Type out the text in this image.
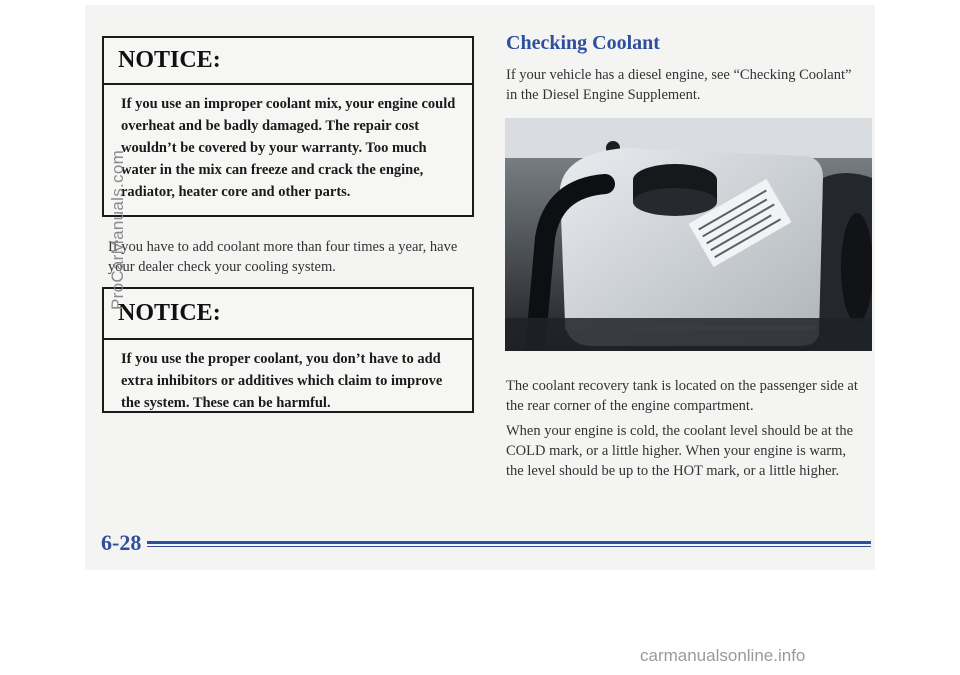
NOTICE:
If you use an improper coolant mix, your engine could overheat and be badly damaged. The repair cost wouldn’t be covered by your warranty. Too much water in the mix can freeze and crack the engine, radiator, heater core and other parts.
If you have to add coolant more than four times a year, have your dealer check your cooling system.
NOTICE:
If you use the proper coolant, you don’t have to add extra inhibitors or additives which claim to improve the system. These can be harmful.
Checking Coolant
If your vehicle has a diesel engine, see “Checking Coolant” in the Diesel Engine Supplement.
The coolant recovery tank is located on the passenger side at the rear corner of the engine compartment.
When your engine is cold, the coolant level should be at the COLD mark, or a little higher. When your engine is warm, the level should be up to the HOT mark, or a little higher.
6-28
ProCarManuals.com
carmanualsonline.info
